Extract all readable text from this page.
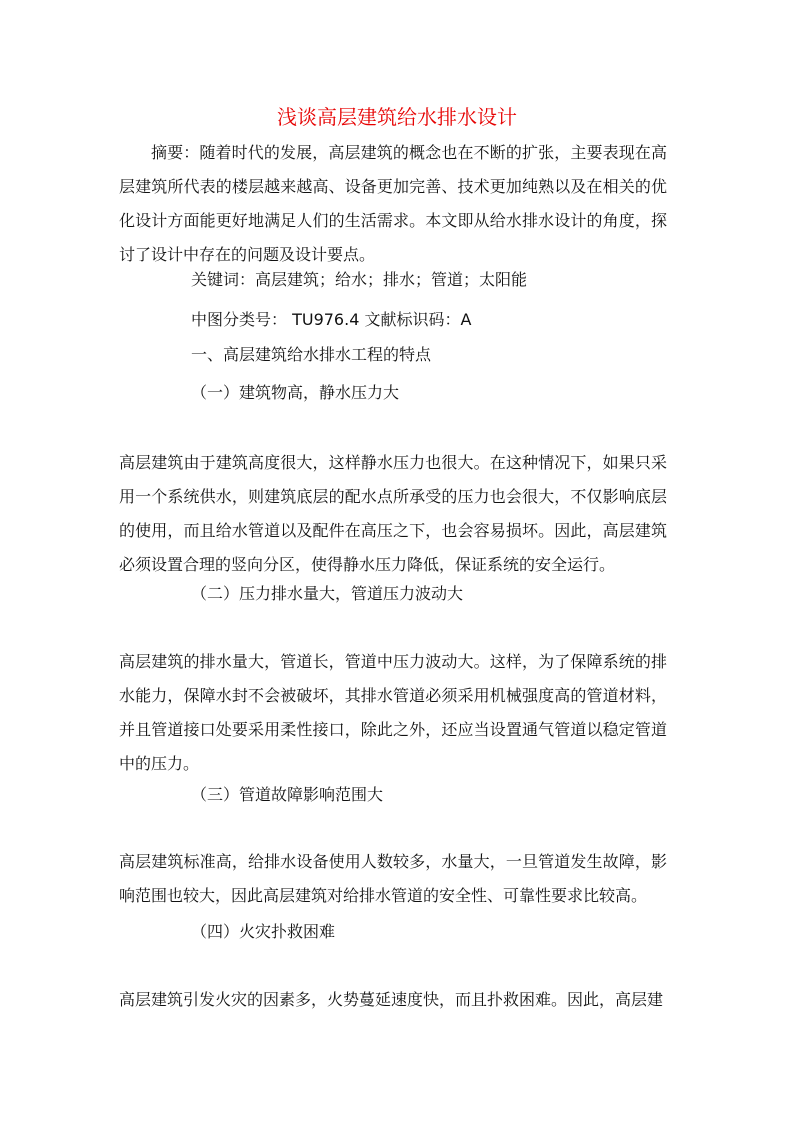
浅谈高层建筑给水排水设计

摘要：随着时代的发展，高层建筑的概念也在不断的扩张，主要表现在高层建筑所代表的楼层越来越高、设备更加完善、技术更加纯熟以及在相关的优化设计方面能更好地满足人们的生活需求。本文即从给水排水设计的角度，探讨了设计中存在的问题及设计要点。

关键词：高层建筑；给水；排水；管道；太阳能

中图分类号： TU976.4 文献标识码：A

一、高层建筑给水排水工程的特点

（一）建筑物高，静水压力大

高层建筑由于建筑高度很大，这样静水压力也很大。在这种情况下，如果只采用一个系统供水，则建筑底层的配水点所承受的压力也会很大，不仅影响底层的使用，而且给水管道以及配件在高压之下，也会容易损坏。因此，高层建筑必须设置合理的竖向分区，使得静水压力降低，保证系统的安全运行。

（二）压力排水量大，管道压力波动大

高层建筑的排水量大，管道长，管道中压力波动大。这样，为了保障系统的排水能力，保障水封不会被破坏，其排水管道必须采用机械强度高的管道材料，并且管道接口处要采用柔性接口，除此之外，还应当设置通气管道以稳定管道中的压力。

（三）管道故障影响范围大

高层建筑标准高，给排水设备使用人数较多，水量大，一旦管道发生故障，影响范围也较大，因此高层建筑对给排水管道的安全性、可靠性要求比较高。

（四）火灾扑救困难

高层建筑引发火灾的因素多，火势蔓延速度快，而且扑救困难。因此，高层建
